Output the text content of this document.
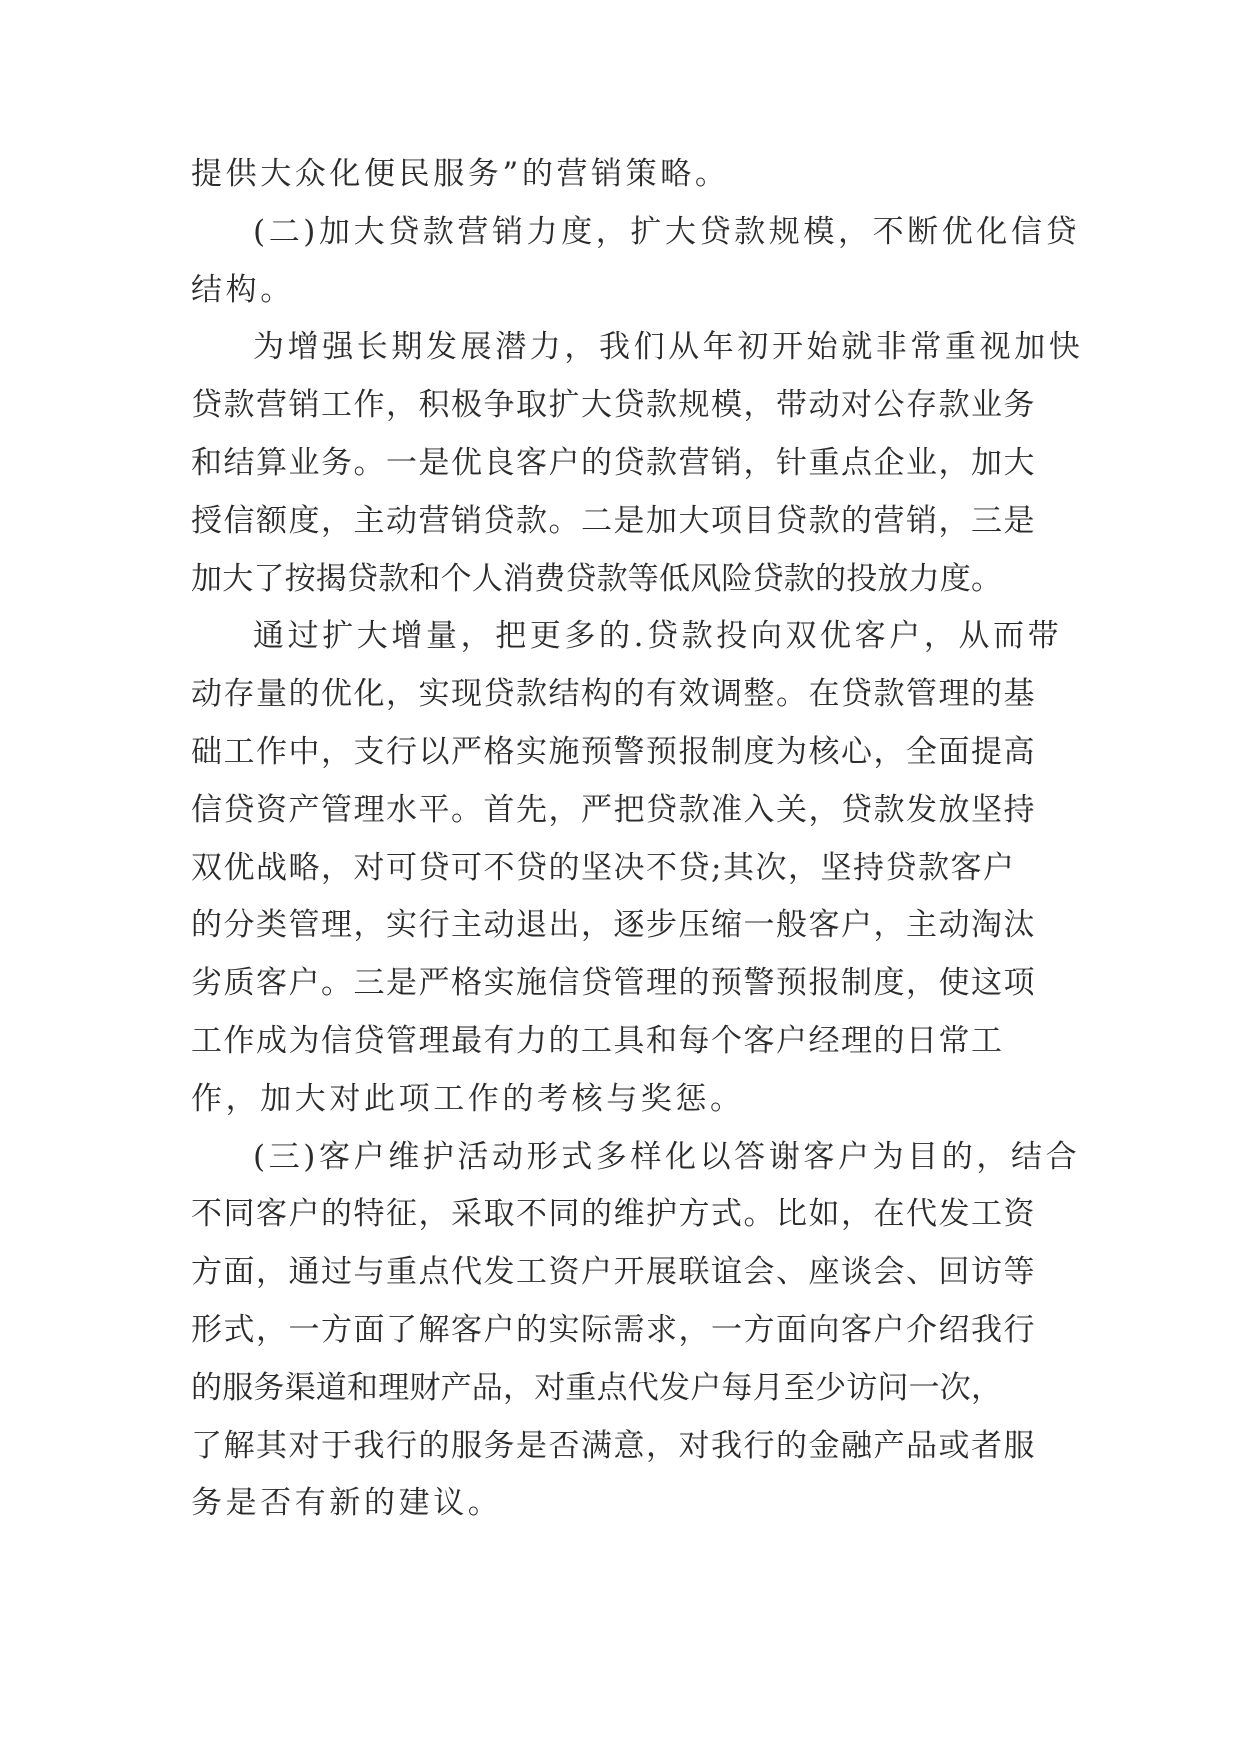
提供大众化便民服务”的营销策略。
(二)加大贷款营销力度，扩大贷款规模，不断优化信贷
结构。
为增强长期发展潜力，我们从年初开始就非常重视加快
贷款营销工作，积极争取扩大贷款规模，带动对公存款业务
和结算业务。一是优良客户的贷款营销，针重点企业，加大
授信额度，主动营销贷款。二是加大项目贷款的营销，三是
加大了按揭贷款和个人消费贷款等低风险贷款的投放力度。
通过扩大增量，把更多的.贷款投向双优客户，从而带
动存量的优化，实现贷款结构的有效调整。在贷款管理的基
础工作中，支行以严格实施预警预报制度为核心，全面提高
信贷资产管理水平。首先，严把贷款准入关，贷款发放坚持
双优战略，对可贷可不贷的坚决不贷;其次，坚持贷款客户
的分类管理，实行主动退出，逐步压缩一般客户，主动淘汰
劣质客户。三是严格实施信贷管理的预警预报制度，使这项
工作成为信贷管理最有力的工具和每个客户经理的日常工
作，加大对此项工作的考核与奖惩。
(三)客户维护活动形式多样化以答谢客户为目的，结合
不同客户的特征，采取不同的维护方式。比如，在代发工资
方面，通过与重点代发工资户开展联谊会、座谈会、回访等
形式，一方面了解客户的实际需求，一方面向客户介绍我行
的服务渠道和理财产品，对重点代发户每月至少访问一次，
了解其对于我行的服务是否满意，对我行的金融产品或者服
务是否有新的建议。
